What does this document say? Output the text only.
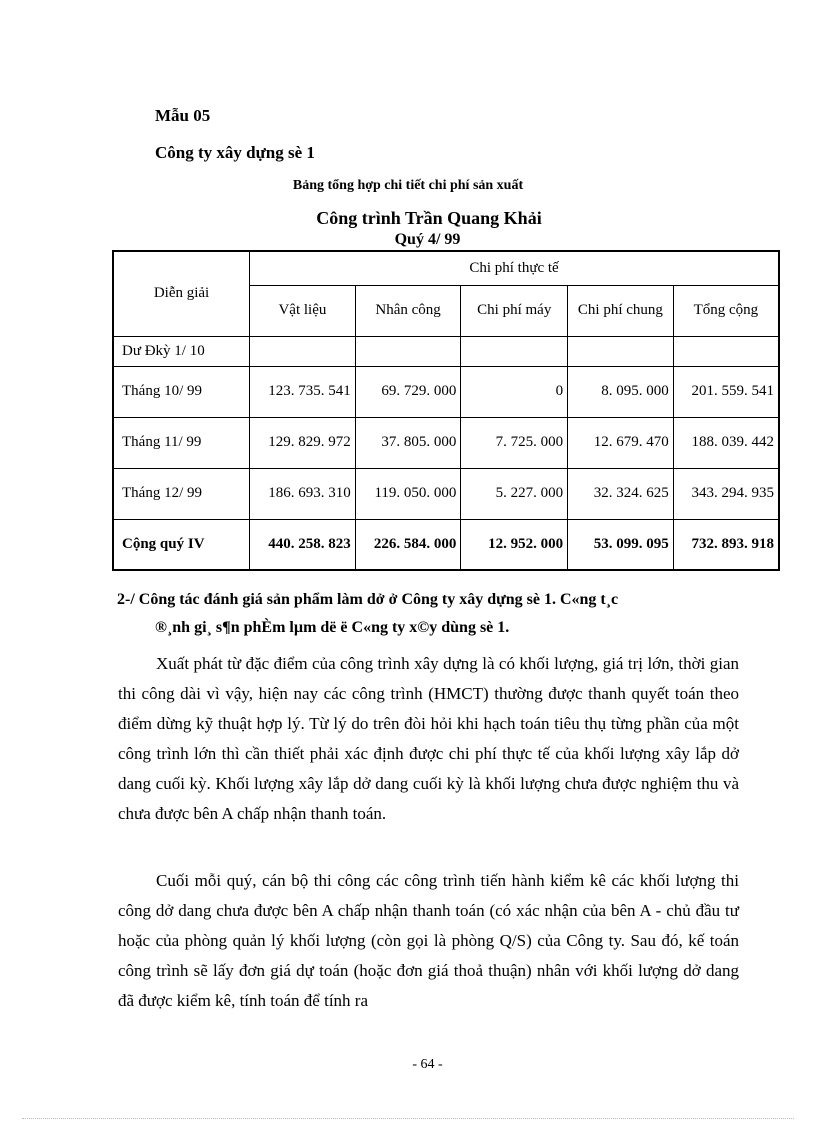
Mẫu 05
Công ty xây dựng sè 1
Bảng tổng hợp chi tiết chi phí sản xuất
Công trình Trần Quang Khải
Quý 4/ 99
Diễn giải	Chi phí thực tế				
	Vật liệu	Nhân công	Chi phí máy	Chi phí chung	Tổng cộng
Dư Đkỳ 1/ 10					
Tháng 10/ 99	123. 735. 541	69. 729. 000	0	8. 095. 000	201. 559. 541
Tháng 11/ 99	129. 829. 972	37. 805. 000	7. 725. 000	12. 679. 470	188. 039. 442
Tháng 12/ 99	186. 693. 310	119. 050. 000	5. 227. 000	32. 324. 625	343. 294. 935
Cộng quý IV	440. 258. 823	226. 584. 000	12. 952. 000	53. 099. 095	732. 893. 918
2-/ Công tác đánh giá sản phẩm làm dở ở Công ty xây dựng sè 1. C«ng t¸c
®¸nh gi¸ s¶n phÈm lµm dë ë C«ng ty x©y dùng sè 1.
Xuất phát từ đặc điểm của công trình xây dựng là có khối lượng, giá trị lớn, thời gian thi công dài vì vậy, hiện nay các công trình (HMCT) thường được thanh quyết toán theo điểm dừng kỹ thuật hợp lý. Từ lý do trên đòi hỏi khi hạch toán tiêu thụ từng phần của một công trình lớn thì cần thiết phải xác định được chi phí thực tế của khối lượng xây lắp dở dang cuối kỳ. Khối lượng xây lắp dở dang cuối kỳ là khối lượng chưa được nghiệm thu và chưa được bên A chấp nhận thanh toán.
Cuối mỗi quý, cán bộ thi công các công trình tiến hành kiểm kê các khối lượng thi công dở dang chưa được bên A chấp nhận thanh toán (có xác nhận của bên A - chủ đầu tư hoặc của phòng quản lý khối lượng (còn gọi là phòng Q/S) của Công ty. Sau đó, kế toán công trình sẽ lấy đơn giá dự toán (hoặc đơn giá thoả thuận) nhân với khối lượng dở dang đã được kiểm kê, tính toán để tính ra
- 64 -
